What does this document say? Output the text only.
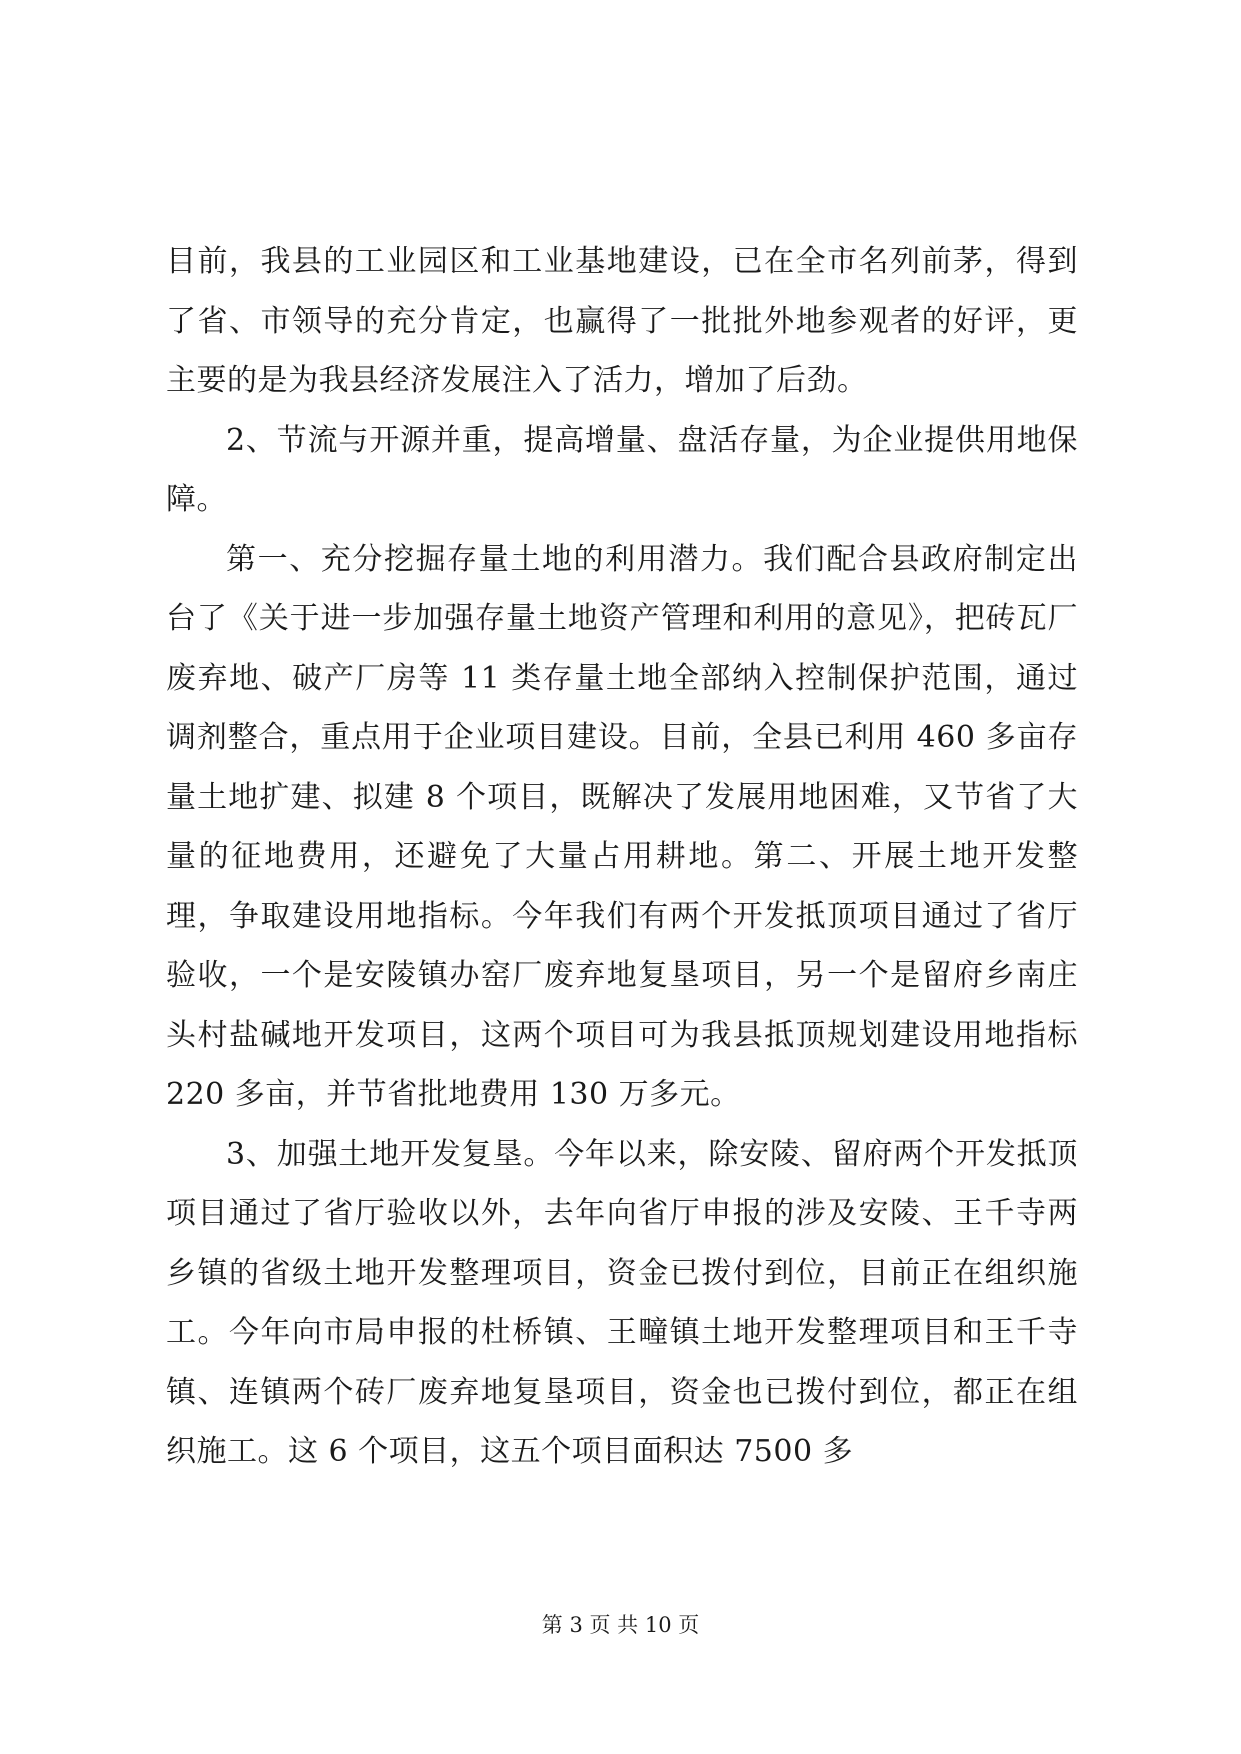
目前，我县的工业园区和工业基地建设，已在全市名列前茅，得到了省、市领导的充分肯定，也赢得了一批批外地参观者的好评，更主要的是为我县经济发展注入了活力，增加了后劲。

2、节流与开源并重，提高增量、盘活存量，为企业提供用地保障。

第一、充分挖掘存量土地的利用潜力。我们配合县政府制定出台了《关于进一步加强存量土地资产管理和利用的意见》，把砖瓦厂废弃地、破产厂房等 11 类存量土地全部纳入控制保护范围，通过调剂整合，重点用于企业项目建设。目前，全县已利用 460 多亩存量土地扩建、拟建 8 个项目，既解决了发展用地困难，又节省了大量的征地费用，还避免了大量占用耕地。第二、开展土地开发整理，争取建设用地指标。今年我们有两个开发抵顶项目通过了省厅验收，一个是安陵镇办窑厂废弃地复垦项目，另一个是留府乡南庄头村盐碱地开发项目，这两个项目可为我县抵顶规划建设用地指标 220 多亩，并节省批地费用 130 万多元。

3、加强土地开发复垦。今年以来，除安陵、留府两个开发抵顶项目通过了省厅验收以外，去年向省厅申报的涉及安陵、王千寺两乡镇的省级土地开发整理项目，资金已拨付到位，目前正在组织施工。今年向市局申报的杜桥镇、王疃镇土地开发整理项目和王千寺镇、连镇两个砖厂废弃地复垦项目，资金也已拨付到位，都正在组织施工。这 6 个项目，这五个项目面积达 7500 多

第 3 页 共 10 页
